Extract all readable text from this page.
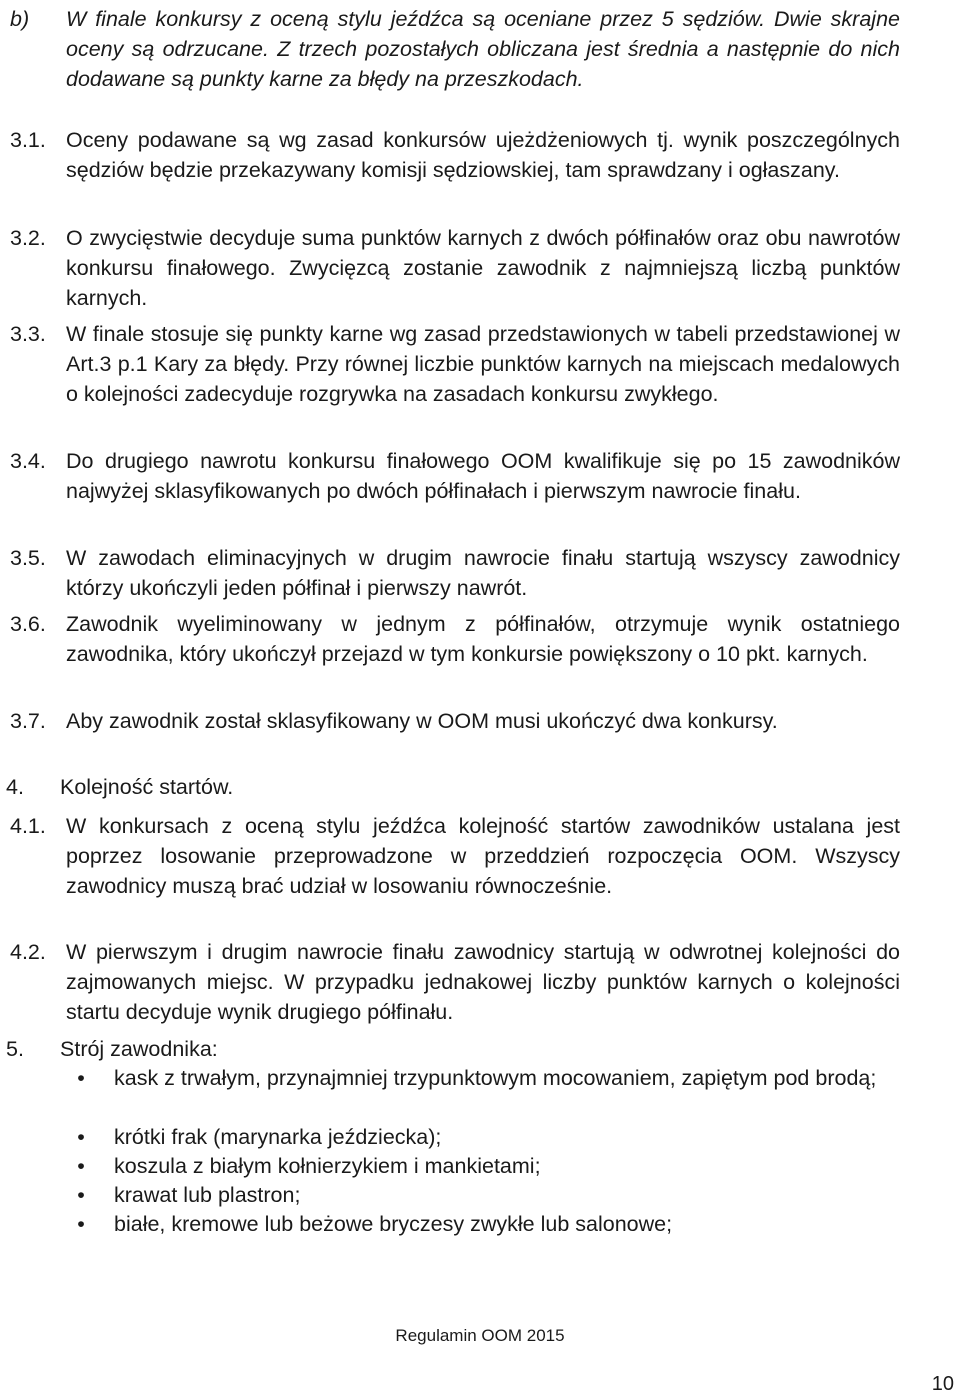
b) W finale konkursy z oceną stylu jeźdźca są oceniane przez 5 sędziów. Dwie skrajne oceny są odrzucane. Z trzech pozostałych obliczana jest średnia a następnie do nich dodawane są punkty karne za błędy na przeszkodach.
3.1. Oceny podawane są wg zasad konkursów ujeżdżeniowych tj. wynik poszczególnych sędziów będzie przekazywany komisji sędziowskiej, tam sprawdzany i ogłaszany.
3.2. O zwycięstwie decyduje suma punktów karnych z dwóch półfinałów oraz obu nawrotów konkursu finałowego. Zwycięzcą zostanie zawodnik z najmniejszą liczbą punktów karnych.
3.3. W finale stosuje się punkty karne wg zasad przedstawionych w tabeli przedstawionej w Art.3 p.1 Kary za błędy. Przy równej liczbie punktów karnych na miejscach medalowych o kolejności zadecyduje rozgrywka na zasadach konkursu zwykłego.
3.4. Do drugiego nawrotu konkursu finałowego OOM kwalifikuje się po 15 zawodników najwyżej sklasyfikowanych po dwóch półfinałach i pierwszym nawrocie finału.
3.5. W zawodach eliminacyjnych w drugim nawrocie finału startują wszyscy zawodnicy którzy ukończyli jeden półfinał i pierwszy nawrót.
3.6. Zawodnik wyeliminowany w jednym z półfinałów, otrzymuje wynik ostatniego zawodnika, który ukończył przejazd w tym konkursie powiększony o 10 pkt. karnych.
3.7. Aby zawodnik został sklasyfikowany w OOM musi ukończyć dwa konkursy.
4. Kolejność startów.
4.1. W konkursach z oceną stylu jeźdźca kolejność startów zawodników ustalana jest poprzez losowanie przeprowadzone w przeddzień rozpoczęcia OOM. Wszyscy zawodnicy muszą brać udział w losowaniu równocześnie.
4.2. W pierwszym i drugim nawrocie finału zawodnicy startują w odwrotnej kolejności do zajmowanych miejsc. W przypadku jednakowej liczby punktów karnych o kolejności startu decyduje wynik drugiego półfinału.
5. Strój zawodnika:
•	kask z trwałym, przynajmniej trzypunktowym mocowaniem, zapiętym pod brodą;
•	krótki frak (marynarka jeździecka);
•	koszula z białym kołnierzykiem i mankietami;
•	krawat lub plastron;
•	białe, kremowe lub beżowe bryczesy zwykłe lub salonowe;
Regulamin OOM 2015
10
